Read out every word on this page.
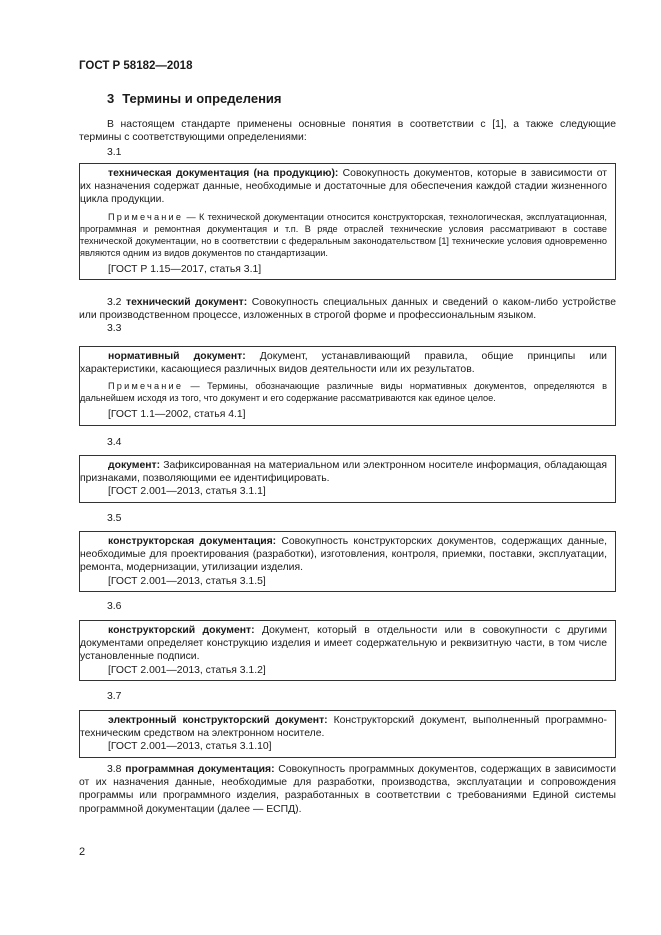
ГОСТ Р 58182—2018
3 Термины и определения

В настоящем стандарте применены основные понятия в соответствии с [1], а также следующие термины с соответствующими определениями:

3.1

техническая документация (на продукцию): Совокупность документов, которые в зависимости от их назначения содержат данные, необходимые и достаточные для обеспечения каждой стадии жизненного цикла продукции.

Примечание — К технической документации относится конструкторская, технологическая, эксплуатационная, программная и ремонтная документация и т.п. В ряде отраслей технические условия рассматривают в составе технической документации, но в соответствии с федеральным законодательством [1] технические условия одновременно являются одним из видов документов по стандартизации.

[ГОСТ Р 1.15—2017, статья 3.1]

3.2 технический документ: Совокупность специальных данных и сведений о каком-либо устройстве или производственном процессе, изложенных в строгой форме и профессиональным языком.

3.3

нормативный документ: Документ, устанавливающий правила, общие принципы или характеристики, касающиеся различных видов деятельности или их результатов.

Примечание — Термины, обозначающие различные виды нормативных документов, определяются в дальнейшем исходя из того, что документ и его содержание рассматриваются как единое целое.

[ГОСТ 1.1—2002, статья 4.1]

3.4

документ: Зафиксированная на материальном или электронном носителе информация, обладающая признаками, позволяющими ее идентифицировать.

[ГОСТ 2.001—2013, статья 3.1.1]

3.5

конструкторская документация: Совокупность конструкторских документов, содержащих данные, необходимые для проектирования (разработки), изготовления, контроля, приемки, поставки, эксплуатации, ремонта, модернизации, утилизации изделия.

[ГОСТ 2.001—2013, статья 3.1.5]

3.6

конструкторский документ: Документ, который в отдельности или в совокупности с другими документами определяет конструкцию изделия и имеет содержательную и реквизитную части, в том числе установленные подписи.

[ГОСТ 2.001—2013, статья 3.1.2]

3.7

электронный конструкторский документ: Конструкторский документ, выполненный программно-техническим средством на электронном носителе.

[ГОСТ 2.001—2013, статья 3.1.10]

3.8 программная документация: Совокупность программных документов, содержащих в зависимости от их назначения данные, необходимые для разработки, производства, эксплуатации и сопровождения программы или программного изделия, разработанных в соответствии с требованиями Единой системы программной документации (далее — ЕСПД).

2
